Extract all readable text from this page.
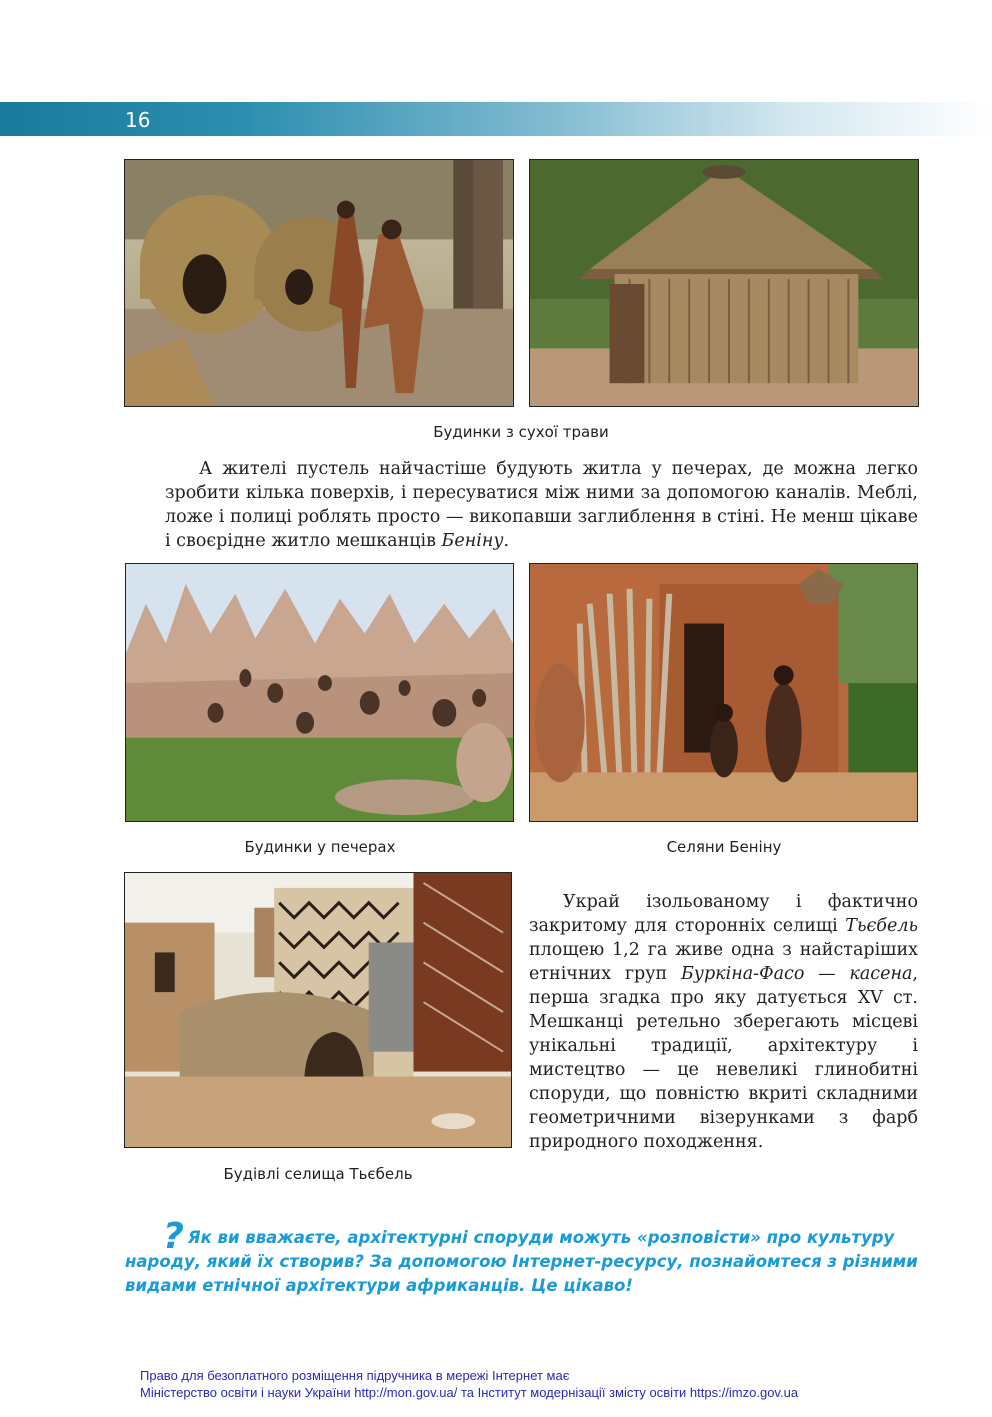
16
Будинки з сухої трави

А жителі пустель найчастіше будують житла у печерах, де можна легко зробити кілька поверхів, і пересуватися між ними за допомогою каналів. Меблі, ложе і полиці роблять просто — викопавши заглиблення в стіні. Не менш цікаве і своєрідне житло мешканців Беніну.

Будинки у печерах	Селяни Беніну
Будівлі селища Тьєбель

Украй ізольованому і фактично закритому для сторонніх селищі Тьєбель площею 1,2 га живе одна з найстаріших етнічних груп Буркіна-Фасо — касена, перша згадка про яку датується XV ст. Мешканці ретельно зберегають місцеві унікальні традиції, архітектуру і мистецтво — це невеликі глинобитні споруди, що повністю вкриті складними геометричними візерунками з фарб природного походження.

? Як ви вважаєте, архітектурні споруди можуть «розповісти» про культуру народу, який їх створив? За допомогою Інтернет-ресурсу, познайомтеся з різними видами етнічної архітектури африканців. Це цікаво!

Право для безоплатного розміщення підручника в мережі Інтернет має
Міністерство освіти і науки України http://mon.gov.ua/ та Інститут модернізації змісту освіти https://imzo.gov.ua
